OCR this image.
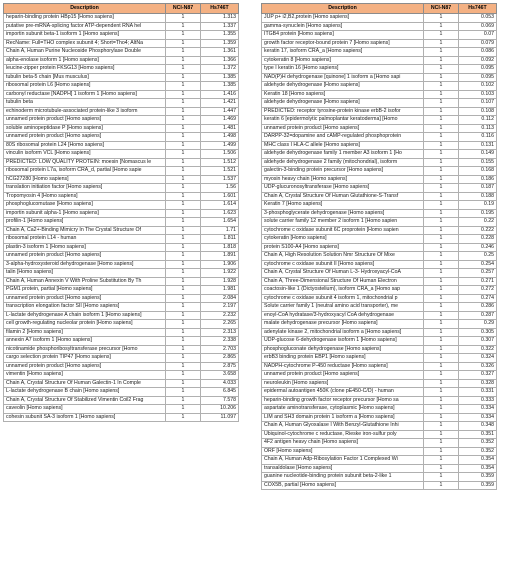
Description	NCI-N87	Hs746T
heparin-binding protein HBp15 [Homo sapiens]	1	1.313
putative pre-mRNA-splicing factor ATP-dependent RNA hel	1	1.337
importin subunit beta-1 isoform 1 [Homo sapiens]	1	1.355
RecName: Full=THO complex subunit 4; Short=Tho4; AltNa	1	1.359
Chain A, Human Purine Nucleoside Phosphorylase Double	1	1.361
alpha-enolase isoform 1 [Homo sapiens]	1	1.366
leucine-zipper protein FKSG13 [Homo sapiens]	1	1.372
tubulin beta-5 chain [Mus musculus]	1	1.385
ribosomal protein L6 [Homo sapiens]	1	1.385
carbonyl reductase [NADPH] 1 isoform 1 [Homo sapiens]	1	1.416
tubulin beta	1	1.421
echinoderm microtubule-associated protein-like 3 isoform	1	1.447
unnamed protein product [Homo sapiens]	1	1.469
soluble aminopeptidase P [Homo sapiens]	1	1.481
unnamed protein product [Homo sapiens]	1	1.498
80S ribosomal protein L24 [Homo sapiens]	1	1.499
vinculin isoform VCL [Homo sapiens]	1	1.506
PREDICTED: LOW QUALITY PROTEIN: moesin [Nomascus le	1	1.512
ribosomal protein L7a, isoform CRA_d, partial [Homo sapie	1	1.521
hCG27280 [Homo sapiens]	1	1.537
translation initiation factor [Homo sapiens]	1	1.56
Tropomyosin 4 [Homo sapiens]	1	1.601
phosphoglucomutase [Homo sapiens]	1	1.614
importin subunit alpha-1 [Homo sapiens]	1	1.623
profilin-1 [Homo sapiens]	1	1.654
Chain A, Ca2+-Binding Mimicry In The Crystal Structure Of	1	1.71
ribosomal protein L14 - human	1	1.811
plastin-3 isoform 1 [Homo sapiens]	1	1.818
unnamed protein product [Homo sapiens]	1	1.891
3-alpha-hydroxysteroid dehydrogenase [Homo sapiens]	1	1.906
talin [Homo sapiens]	1	1.922
Chain A, Human Annexin V With Proline Substitution By Th	1	1.928
PGM1 protein, partial [Homo sapiens]	1	1.981
unnamed protein product [Homo sapiens]	1	2.084
transcription elongation factor SII [Homo sapiens]	1	2.197
L-lactate dehydrogenase A chain isoform 1 [Homo sapiens]	1	2.232
cell growth-regulating nucleolar protein [Homo sapiens]	1	2.265
filamin 2 [Homo sapiens]	1	2.313
annexin A7 isoform 1 [Homo sapiens]	1	2.338
nicotinamide phosphoribosyltransferase precursor [Homo	1	2.703
cargo selection protein TIP47 [Homo sapiens]	1	2.865
unnamed protein product [Homo sapiens]	1	2.875
vimentin [Homo sapiens]	1	3.658
Chain A, Crystal Structure Of Human Galectin-1 In Comple	1	4.033
L-lactate dehydrogenase B chain [Homo sapiens]	1	6.845
Chain A, Crystal Structure Of Stabilized Vimentin Coil2 Frag	1	7.578
caveolin [Homo sapiens]	1	10.206
cohesin subunit SA-3 isoform 1 [Homo sapiens]	1	11.097
Description	NCI-N87	Hs746T
JUP p+ i2,B2,protein [Homo sapiens]	1	0.053
gamma-synuclein [Homo sapiens]	1	0.069
ITGB4 protein [Homo sapiens]	1	0.07
growth factor receptor-bound protein 7 [Homo sapiens]	1	0.079
keratin 17, isoform CRA_a [Homo sapiens]	1	0.086
cytokeratin 8 [Homo sapiens]	1	0.092
type I keratin 16 [Homo sapiens]	1	0.095
NAD(P)H dehydrogenase [quinone] 1 isoform a [Homo sapi	1	0.095
aldehyde dehydrogenase [Homo sapiens]	1	0.102
Keratin 18 [Homo sapiens]	1	0.103
aldehyde dehydrogenase [Homo sapiens]	1	0.107
PREDICTED: receptor tyrosine-protein kinase erbB-2 isofor	1	0.108
keratin 6 [epidermolytic palmoplantar keratoderma] [Homo	1	0.112
unnamed protein product [Homo sapiens]	1	0.113
DARPP-32=dopamine and cAMP-regulated phosphoprotein	1	0.116
MHC class I HLA-C allele [Homo sapiens]	1	0.131
aldehyde dehydrogenase family 1 member A3 isoform 1 [Ho	1	0.149
aldehyde dehydrogenase 2 family (mitochondrial), isoform	1	0.155
galectin-3-binding protein precursor [Homo sapiens]	1	0.168
myosin heavy chain [Homo sapiens]	1	0.186
UDP-glucuronosyltransferase [Homo sapiens]	1	0.187
Chain A, Crystal Structure Of Human Glutathione-S-Transf	1	0.188
Keratin 7 [Homo sapiens]	1	0.19
3-phosphoglycerate dehydrogenase [Homo sapiens]	1	0.195
solute carrier family 12 member 2 isoform 1 [Homo sapien	1	0.22
cytochrome c oxidase subunit 6C proprotein [Homo sapien	1	0.222
cytokeratin [Homo sapiens]	1	0.228
protein S100-A4 [Homo sapiens]	1	0.246
Chain A, High Resolution Solution Nmr Structure Of Mixe	1	0.25
cytochrome c oxidase subunit II [Homo sapiens]	1	0.254
Chain A, Crystal Structure Of Human L-3- Hydroxyacyl-CoA	1	0.257
Chain A, Three-Dimensional Structure Of Human Electron	1	0.271
coactosin-like 1 (Dictyostelium), isoform CRA_a [Homo sap	1	0.272
cytochrome c oxidase subunit 4 isoform 1, mitochondrial p	1	0.274
Solute carrier family 1 (neutral amino acid transporter), me	1	0.286
enoyl-CoA hydratase/3-hydroxyacyl CoA dehydrogenase	1	0.287
malate dehydrogenase precursor [Homo sapiens]	1	0.29
adenylate kinase 2, mitochondrial isoform a [Homo sapiens]	1	0.305
UDP-glucose 6-dehydrogenase isoform 1 [Homo sapiens]	1	0.307
phosphogluconate dehydrogenase [Homo sapiens]	1	0.322
erbB3 binding protein EBP1 [Homo sapiens]	1	0.324
NADPH-cytochrome P-450 reductase [Homo sapiens]	1	0.326
unnamed protein product [Homo sapiens]	1	0.327
neuroleukin [Homo sapiens]	1	0.328
epidermal autoantigen 450K (clone pE450-C/D) - human	1	0.331
heparin-binding growth factor receptor precursor [Homo sa	1	0.333
aspartate aminotransferase, cytoplasmic [Homo sapiens]	1	0.334
LIM and SH3 domain protein 1 isoform a [Homo sapiens]	1	0.334
Chain A, Human Glyoxalase I With Benzyl-Glutathione Inhi	1	0.348
Ubiquinol-cytochrome c reductase, Rieske iron-sulfur poly	1	0.351
4F2 antigen heavy chain [Homo sapiens]	1	0.352
ORF [Homo sapiens]	1	0.352
Chain A, Human Adp-Ribosylation Factor 1 Complexed Wi	1	0.354
transaldolase [Homo sapiens]	1	0.354
guanine nucleotide-binding protein subunit beta-2-like 1	1	0.359
COX5B, partial [Homo sapiens]	1	0.359
